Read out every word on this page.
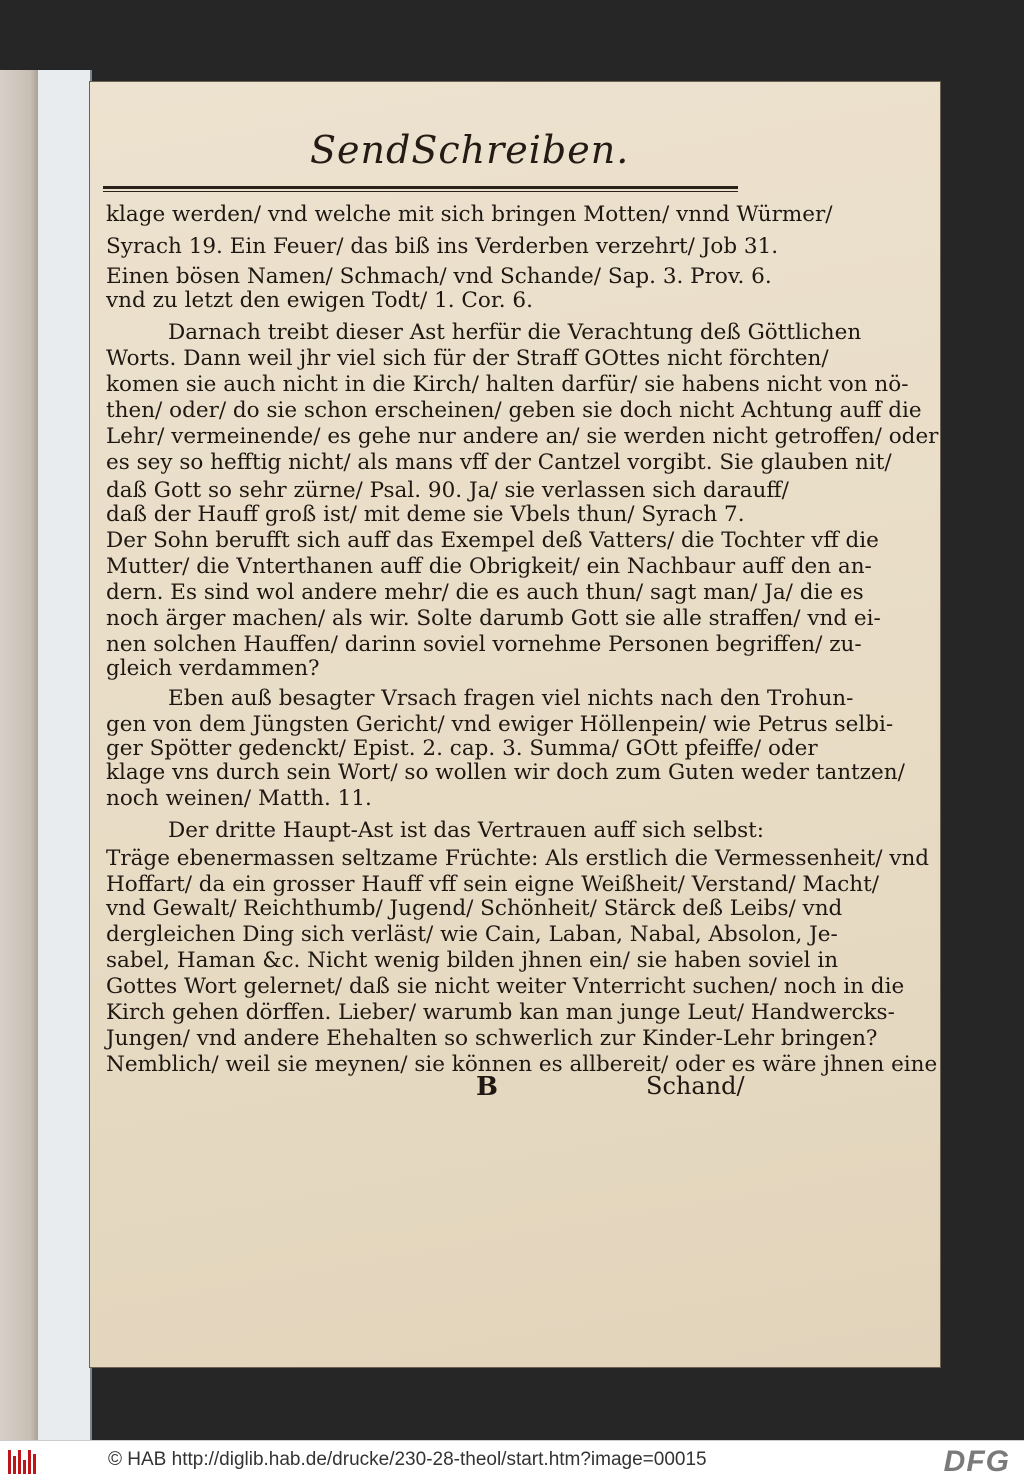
SendSchreiben.
klage werden/ vnd welche mit sich bringen Motten/ vnnd Würmer/
Syrach 19. Ein Feuer/ das biß ins Verderben verzehrt/ Job 31.
Einen bösen Namen/ Schmach/ vnd Schande/ Sap. 3. Prov. 6.
vnd zu letzt den ewigen Todt/ 1. Cor. 6.
Darnach treibt dieser Ast herfür die Verachtung deß Göttlichen
Worts. Dann weil jhr viel sich für der Straff GOttes nicht förchten/
komen sie auch nicht in die Kirch/ halten darfür/ sie habens nicht von nö-
then/ oder/ do sie schon erscheinen/ geben sie doch nicht Achtung auff die
Lehr/ vermeinende/ es gehe nur andere an/ sie werden nicht getroffen/ oder
es sey so hefftig nicht/ als mans vff der Cantzel vorgibt. Sie glauben nit/
daß Gott so sehr zürne/ Psal. 90. Ja/ sie verlassen sich darauff/
daß der Hauff groß ist/ mit deme sie Vbels thun/ Syrach 7.
Der Sohn berufft sich auff das Exempel deß Vatters/ die Tochter vff die
Mutter/ die Vnterthanen auff die Obrigkeit/ ein Nachbaur auff den an-
dern. Es sind wol andere mehr/ die es auch thun/ sagt man/ Ja/ die es
noch ärger machen/ als wir. Solte darumb Gott sie alle straffen/ vnd ei-
nen solchen Hauffen/ darinn soviel vornehme Personen begriffen/ zu-
gleich verdammen?
Eben auß besagter Vrsach fragen viel nichts nach den Trohun-
gen von dem Jüngsten Gericht/ vnd ewiger Höllenpein/ wie Petrus selbi-
ger Spötter gedenckt/ Epist. 2. cap. 3. Summa/ GOtt pfeiffe/ oder
klage vns durch sein Wort/ so wollen wir doch zum Guten weder tantzen/
noch weinen/ Matth. 11.
Der dritte Haupt-Ast ist das Vertrauen auff sich selbst:
Träge ebenermassen seltzame Früchte: Als erstlich die Vermessenheit/ vnd
Hoffart/ da ein grosser Hauff vff sein eigne Weißheit/ Verstand/ Macht/
vnd Gewalt/ Reichthumb/ Jugend/ Schönheit/ Stärck deß Leibs/ vnd
dergleichen Ding sich verläst/ wie Cain, Laban, Nabal, Absolon, Je-
sabel, Haman &c. Nicht wenig bilden jhnen ein/ sie haben soviel in
Gottes Wort gelernet/ daß sie nicht weiter Vnterricht suchen/ noch in die
Kirch gehen dörffen. Lieber/ warumb kan man junge Leut/ Handwercks-
Jungen/ vnd andere Ehehalten so schwerlich zur Kinder-Lehr bringen?
Nemblich/ weil sie meynen/ sie können es allbereit/ oder es wäre jhnen eine
B	Schand/
© HAB http://diglib.hab.de/drucke/230-28-theol/start.htm?image=00015	DFG
